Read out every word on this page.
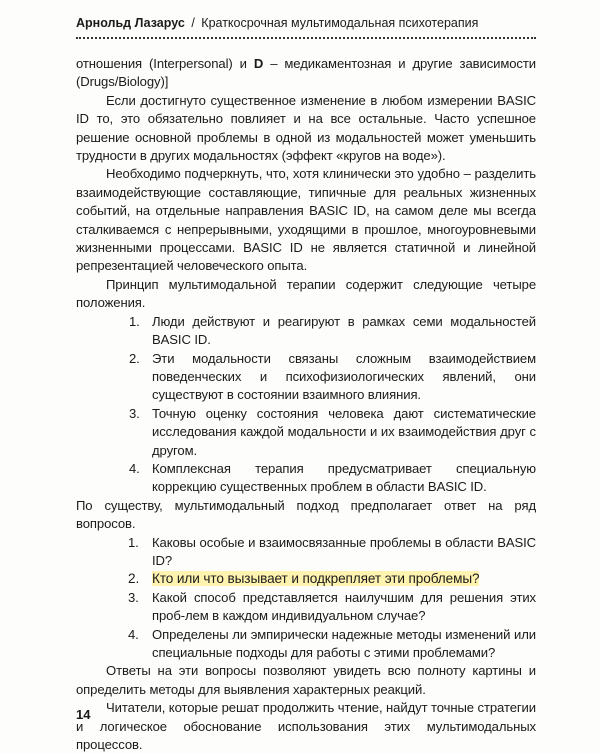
Арнольд Лазарус / Краткосрочная мультимодальная психотерапия

отношения (Interpersonal) и D – медикаментозная и другие зависимости (Drugs/Biology)]

Если достигнуто существенное изменение в любом измерении BASIC ID то, это обязательно повлияет и на все остальные. Часто успешное решение основной проблемы в одной из модальностей может уменьшить трудности в других модальностях (эффект «кругов на воде»).

Необходимо подчеркнуть, что, хотя клинически это удобно – разделить взаимодействующие составляющие, типичные для реальных жизненных событий, на отдельные направления BASIC ID, на самом деле мы всегда сталкиваемся с непрерывными, уходящими в прошлое, многоуровневыми жизненными процессами. BASIC ID не является статичной и линейной репрезентацией человеческого опыта.

Принцип мультимодальной терапии содержит следующие четыре положения.

1. Люди действуют и реагируют в рамках семи модальностей BASIC ID.
2. Эти модальности связаны сложным взаимодействием поведенческих и психофизиологических явлений, они существуют в состоянии взаимного влияния.
3. Точную оценку состояния человека дают систематические исследования каждой модальности и их взаимодействия друг с другом.
4. Комплексная терапия предусматривает специальную коррекцию существенных проблем в области BASIC ID.

По существу, мультимодальный подход предполагает ответ на ряд вопросов.

1. Каковы особые и взаимосвязанные проблемы в области BASIC ID?
2. Кто или что вызывает и подкрепляет эти проблемы?
3. Какой способ представляется наилучшим для решения этих проб-лем в каждом индивидуальном случае?
4. Определены ли эмпирически надежные методы изменений или специальные подходы для работы с этими проблемами?

Ответы на эти вопросы позволяют увидеть всю полноту картины и определить методы для выявления характерных реакций.

Читатели, которые решат продолжить чтение, найдут точные стратегии и логическое обоснование использования этих мультимодальных процессов.

14
